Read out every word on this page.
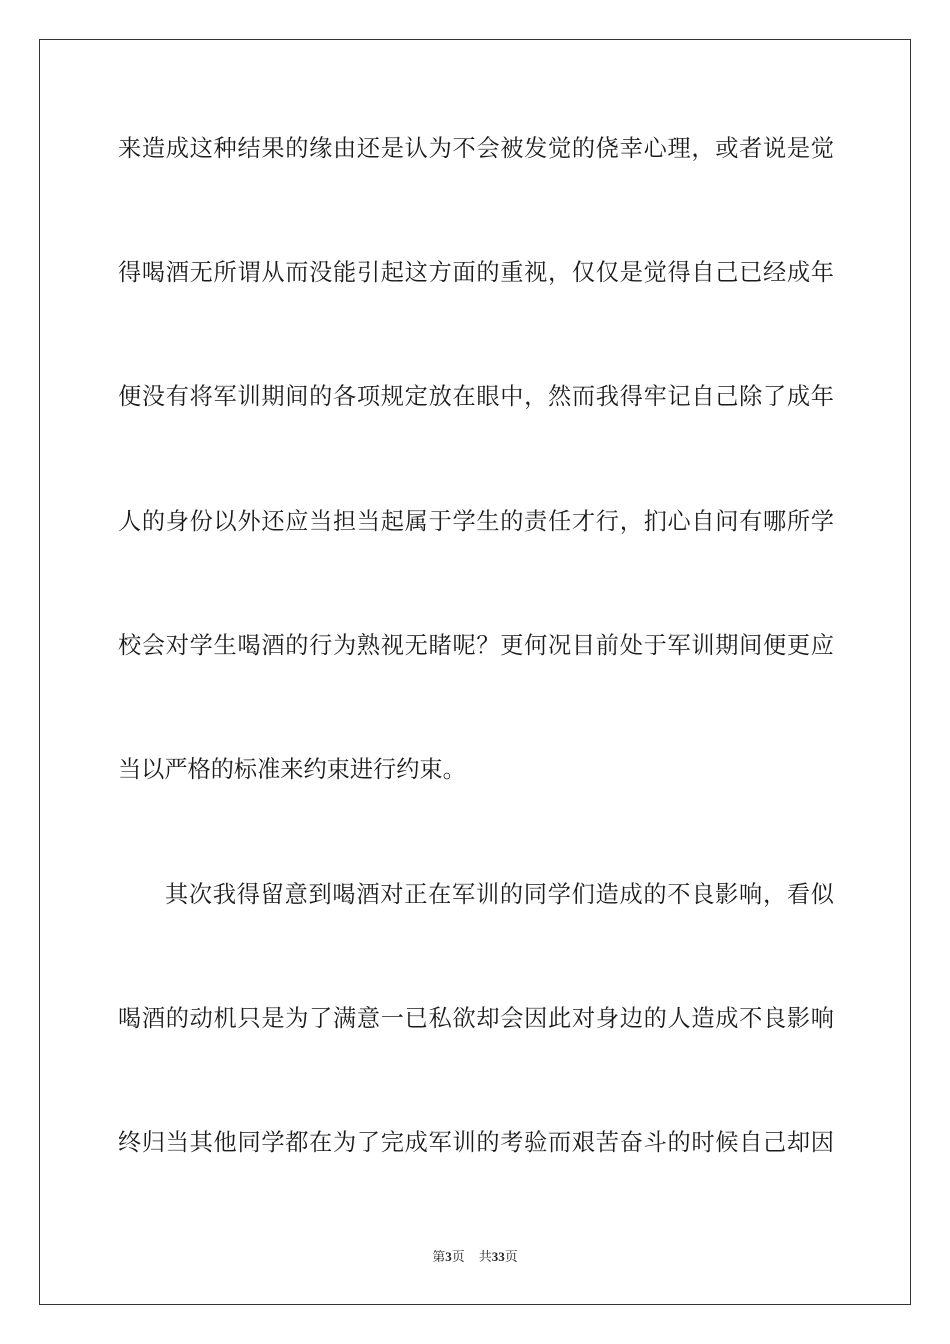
来造成这种结果的缘由还是认为不会被发觉的侥幸心理，或者说是觉
得喝酒无所谓从而没能引起这方面的重视，仅仅是觉得自己已经成年
便没有将军训期间的各项规定放在眼中，然而我得牢记自己除了成年
人的身份以外还应当担当起属于学生的责任才行，扪心自问有哪所学
校会对学生喝酒的行为熟视无睹呢？更何况目前处于军训期间便更应
当以严格的标准来约束进行约束。
其次我得留意到喝酒对正在军训的同学们造成的不良影响，看似
喝酒的动机只是为了满意一已私欲却会因此对身边的人造成不良影响
终归当其他同学都在为了完成军训的考验而艰苦奋斗的时候自己却因
第3页 共33页
